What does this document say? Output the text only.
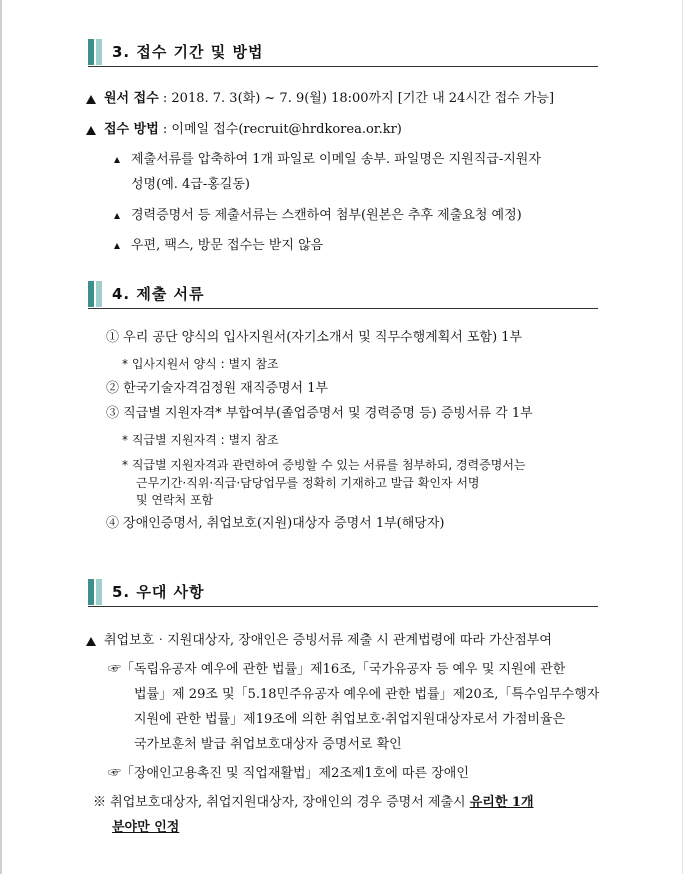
3. 접수 기간 및 방법
원서 접수 : 2018. 7. 3(화) ~ 7. 9(월) 18:00까지 [기간 내 24시간 접수 가능]
접수 방법 : 이메일 접수(recruit@hrdkorea.or.kr)
제출서류를 압축하여 1개 파일로 이메일 송부. 파일명은 지원직급-지원자
성명(예. 4급-홍길동)
경력증명서 등 제출서류는 스캔하여 첨부(원본은 추후 제출요청 예정)
우편, 팩스, 방문 접수는 받지 않음
4. 제출 서류
① 우리 공단 양식의 입사지원서(자기소개서 및 직무수행계획서 포함) 1부
* 입사지원서 양식 : 별지 참조
② 한국기술자격검정원 재직증명서 1부
③ 직급별 지원자격* 부합여부(졸업증명서 및 경력증명 등) 증빙서류 각 1부
* 직급별 지원자격 : 별지 참조
* 직급별 지원자격과 관련하여 증빙할 수 있는 서류를 첨부하되, 경력증명서는
근무기간·직위·직급·담당업무를 정확히 기재하고 발급 확인자 서명
및 연락처 포함
④ 장애인증명서, 취업보호(지원)대상자 증명서 1부(해당자)
5. 우대 사항
취업보호‧지원대상자, 장애인은 증빙서류 제출 시 관계법령에 따라 가산점부여
☞「독립유공자 예우에 관한 법률」제16조,「국가유공자 등 예우 및 지원에 관한
법률」제 29조 및「5.18민주유공자 예우에 관한 법률」제20조,「특수임무수행자
지원에 관한 법률」제19조에 의한 취업보호·취업지원대상자로서 가점비율은
국가보훈처 발급 취업보호대상자 증명서로 확인
☞「장애인고용촉진 및 직업재활법」제2조제1호에 따른 장애인
※ 취업보호대상자, 취업지원대상자, 장애인의 경우 증명서 제출시 유리한 1개
분야만 인정
